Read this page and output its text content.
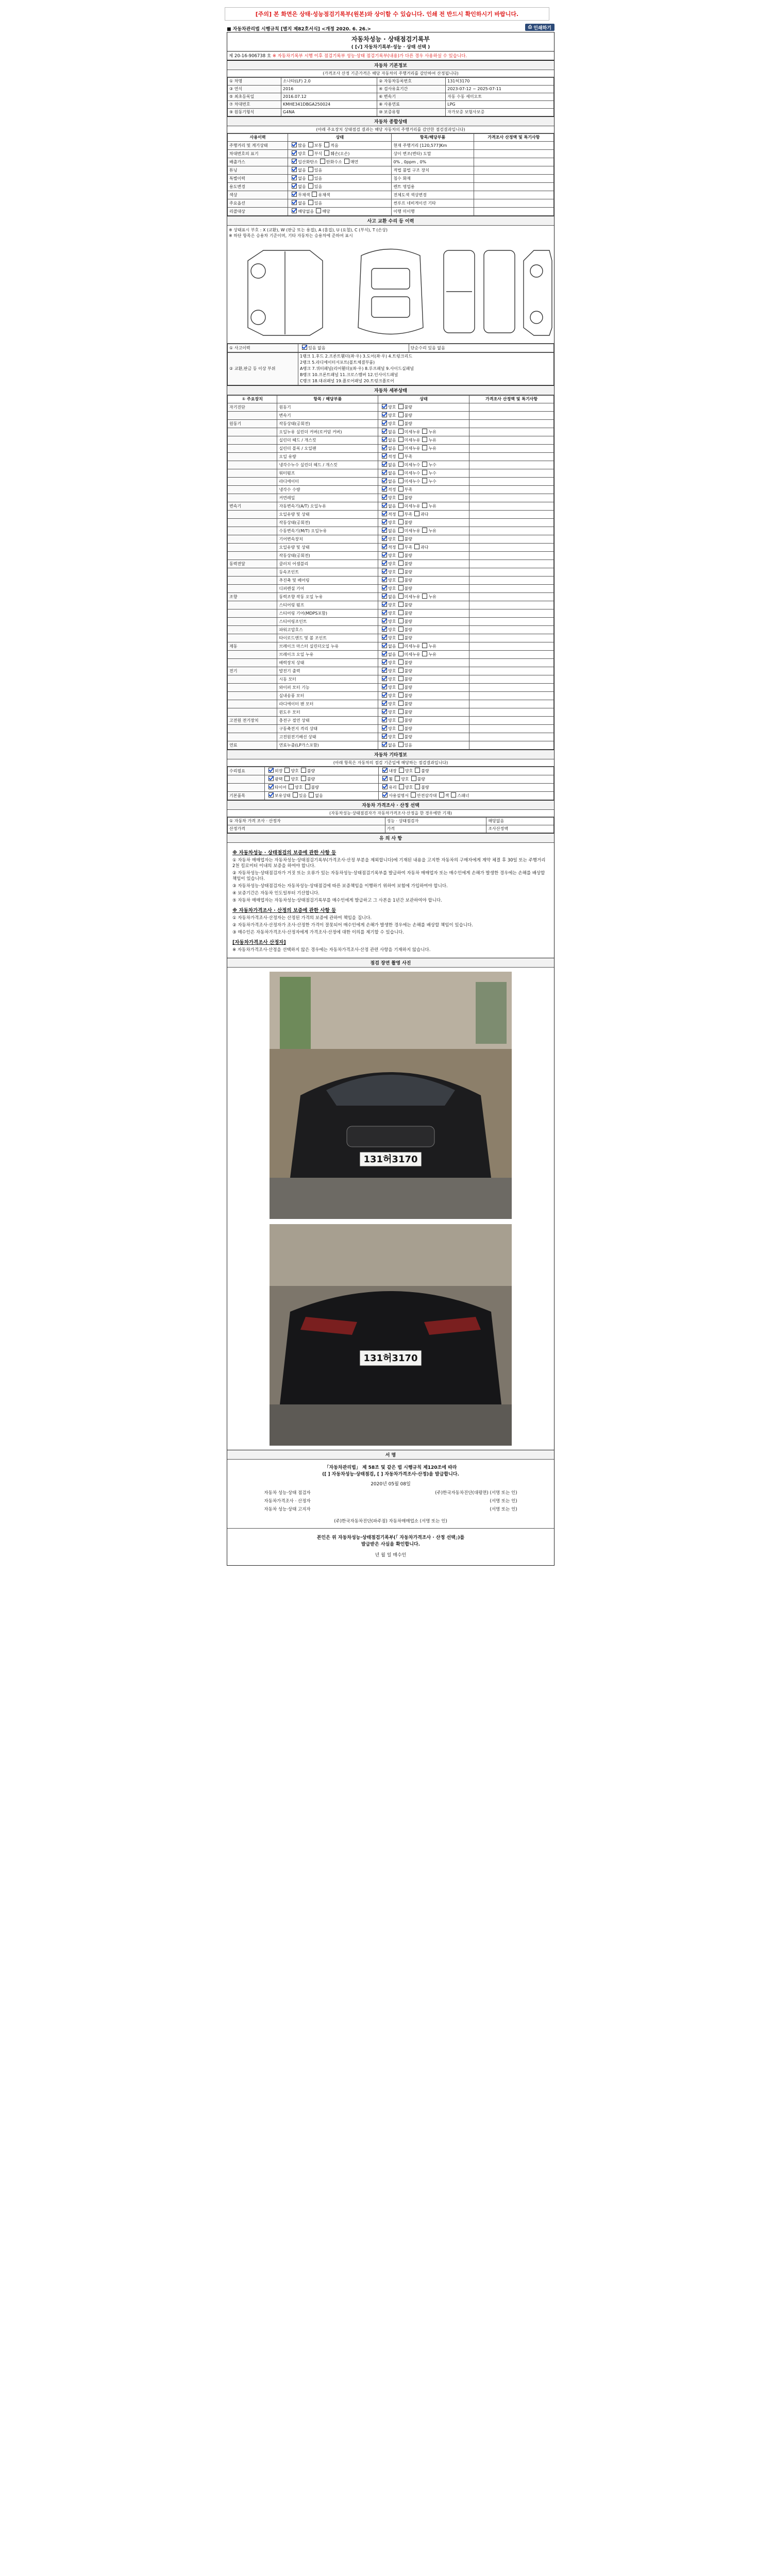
[주의] 본 화면은 상태·성능점검기록부(원본)와 상이할 수 있습니다. 인쇄 전 반드시 확인하시기 바랍니다.
■ 자동차관리법 시행규칙 [별지 제82호서식] <개정 2020. 6. 26.>	⎙ 인쇄하기
자동차성능 · 상태점검기록부
( [√] 자동차기록부·성능 · 상태 선택 )
제 20-16-906738 호 ※ 자동차기록부 시행 이후 점검기록부 성능·상태 점검기록부(내용)가 다른 경우 사용하실 수 있습니다.
자동차 기본정보
(가격조사 산정 기준가격은 해당 자동차의 주행거리를 감안하여 산정됩니다)
① 차명	소나타(LF) 2.0	② 자동차등록번호	131허3170
③ 연식	2016	④ 검사유효기간	2023-07-12 ~ 2025-07-11
⑤ 최초등록일	2016.07.12	⑥ 변속기	자동 수동 세미오토
⑦ 차대번호	KMHE341DBGA250024	⑧ 사용연료	LPG
⑨ 원동기형식	G4NA	⑩ 보증유형	자가보증 보험사보증
자동차 종합상태
(아래 주요장치 상태점검 결과는 해당 자동차의 주행거리를 감안한 점검결과입니다)
사용이력	상태	항목/해당부품	가격조사 산정액 및 특기사항
주행거리 및 계기상태	많음 보통 적음	현재 주행거리 [120,577]Km	
차대번호의 표기	양호 부식 훼손(오손)	상이 변조(변타) 도말	
배출가스	일산화탄소 탄화수소 매연	0% , 0ppm , 0%	
튜닝	없음 있음	적법 불법 구조 장치	
특별이력	없음 있음	침수 화재	
용도변경	없음 있음	렌트 영업용	
색상	무채색 유채색	전체도색 색상변경	
주요옵션	없음 있음	썬루프 네비게이션 기타	
리콜대상	해당없음 해당	이행 미이행	
사고 교환 수리 등 이력
※ 상태표시 부호 : X (교환), W (판금 또는 용접), A (흠집), U (요철), C (부식), T (손상)
※ 하단 항목은 승용차 기준이며, 기타 자동차는 승용차에 준하여 표시
① 사고이력	있음 없음	단순수리 있음 없음
② 교환,판금 등 이상 부위	
1랭크 1.후드 2.프론트휀더(좌·우) 3.도어(좌·우) 4.트렁크리드
2랭크 5.라디에이터서포트(볼트체결부품)
A랭크 7.쿼터패널(리어휀더)(좌·우) 8.루프패널 9.사이드실패널
B랭크 10.프론트패널 11.크로스멤버 12.인사이드패널
C랭크 18.대쉬패널 19.플로어패널 20.트렁크플로어
자동차 세부상태
① 주요장치	항목 / 해당부품	상태	가격조사 산정액 및 특기사항
자기진단	원동기	양호 불량	
	변속기	양호 불량	
원동기	작동상태(공회전)	양호 불량	
	오일누유 실린더 커버(로커암 커버)	없음 미세누유 누유	
	실린더 헤드 / 개스킷	없음 미세누유 누유	
	실린더 블록 / 오일팬	없음 미세누유 누유	
	오일 유량	적정 부족	
	냉각수누수 실린더 헤드 / 개스킷	없음 미세누수 누수	
	워터펌프	없음 미세누수 누수	
	라디에이터	없음 미세누수 누수	
	냉각수 수량	적정 부족	
	커먼레일	양호 불량	
변속기	자동변속기(A/T) 오일누유	없음 미세누유 누유	
	오일유량 및 상태	적정 부족 과다	
	작동상태(공회전)	양호 불량	
	수동변속기(M/T) 오일누유	없음 미세누유 누유	
	기어변속장치	양호 불량	
	오일유량 및 상태	적정 부족 과다	
	작동상태(공회전)	양호 불량	
동력전달	클러치 어셈블리	양호 불량	
	등속조인트	양호 불량	
	추진축 및 베어링	양호 불량	
	디퍼렌셜 기어	양호 불량	
조향	동력조향 작동 오일 누유	없음 미세누유 누유	
	스티어링 펌프	양호 불량	
	스티어링 기어(MDPS포함)	양호 불량	
	스티어링조인트	양호 불량	
	파워고압호스	양호 불량	
	타이로드엔드 및 볼 조인트	양호 불량	
제동	브레이크 마스터 실린더오일 누유	없음 미세누유 누유	
	브레이크 오일 누유	없음 미세누유 누유	
	배력장치 상태	양호 불량	
전기	발전기 출력	양호 불량	
	시동 모터	양호 불량	
	와이퍼 모터 기능	양호 불량	
	실내송풍 모터	양호 불량	
	라디에이터 팬 모터	양호 불량	
	윈도우 모터	양호 불량	
고전원 전기장치	충전구 절연 상태	양호 불량	
	구동축전지 격리 상태	양호 불량	
	고전원전기배선 상태	양호 불량	
연료	연료누출(LP가스포함)	없음 있음	
자동차 기타정보
(아래 항목은 자동차의 점검 기준일에 해당하는 점검결과입니다)
수리필요	외장 양호 불량	내장 양호 불량
	광택 양호 불량	휠 양호 불량
	타이어 양호 불량	유리 양호 불량
기본품목	보유상태 있음 없음	사용설명서 안전삼각대 잭 스패너
자동차 가격조사 · 산정 선택
(자동차성능·상태점검자가 자동차가격조사·산정을 한 경우에만 기재)
① 자동차 가격 조사 · 산정자	성능 · 상태점검자	해당없음
산정가격	가격	조사산정액
유 의 사 항
※ 자동차성능 · 상태점검의 보증에 관한 사항 등

① 자동차 매매업자는 자동차성능·상태점검기록부(가격조사·산정 부분을 제외합니다)에 기재된 내용을 고지한 자동차의 구매자에게 계약 체결 후 30일 또는 주행거리 2천 킬로미터 이내의 보증을 하여야 합니다.

② 자동차성능·상태점검자가 거짓 또는 오류가 있는 자동차성능·상태점검기록부를 발급하여 자동차 매매업자 또는 매수인에게 손해가 발생한 경우에는 손해를 배상할 책임이 있습니다.

③ 자동차성능·상태점검자는 자동차성능·상태점검에 따른 보증책임을 이행하기 위하여 보험에 가입하여야 합니다.

④ 보증기간은 자동차 인도일부터 기산합니다.

⑤ 자동차 매매업자는 자동차성능·상태점검기록부를 매수인에게 발급하고 그 사본을 1년간 보관하여야 합니다.

※ 자동차가격조사 · 산정의 보증에 관한 사항 등

① 자동차가격조사·산정자는 산정된 가격의 보증에 관하여 책임을 집니다.

② 자동차가격조사·산정자가 조사·산정한 가격이 잘못되어 매수인에게 손해가 발생한 경우에는 손해를 배상할 책임이 있습니다.

③ 매수인은 자동차가격조사·산정자에게 가격조사·산정에 대한 이의를 제기할 수 있습니다.

[자동차가격조사 산정자]

※ 자동차가격조사·산정을 선택하지 않은 경우에는 자동차가격조사·산정 관련 사항을 기재하지 않습니다.

점검 장면 촬영 사진
131허3170
131허3170
서 명
「자동차관리법」 제 58조 및 같은 법 시행규칙 제120조에 따라
([ ] 자동차성능·상태점검, [ ] 자동차가격조사·산정)을 발급합니다.
2020년 05월 08일
자동차 성능·상태 점검자	(주)한국자동차진단(대평면) (서명 또는 인)
자동차가격조사 · 산정자	(서명 또는 인)
자동차 성능·상태 고지자	(서명 또는 인)
(주)한국자동차진단(파주점) 자동차매매업소 (서명 또는 인)
본인은 위 자동차성능·상태점검기록부(「 자동차가격조사 · 산정 선택」)를
발급받은 사실을 확인합니다.
년 월 일 매수인
